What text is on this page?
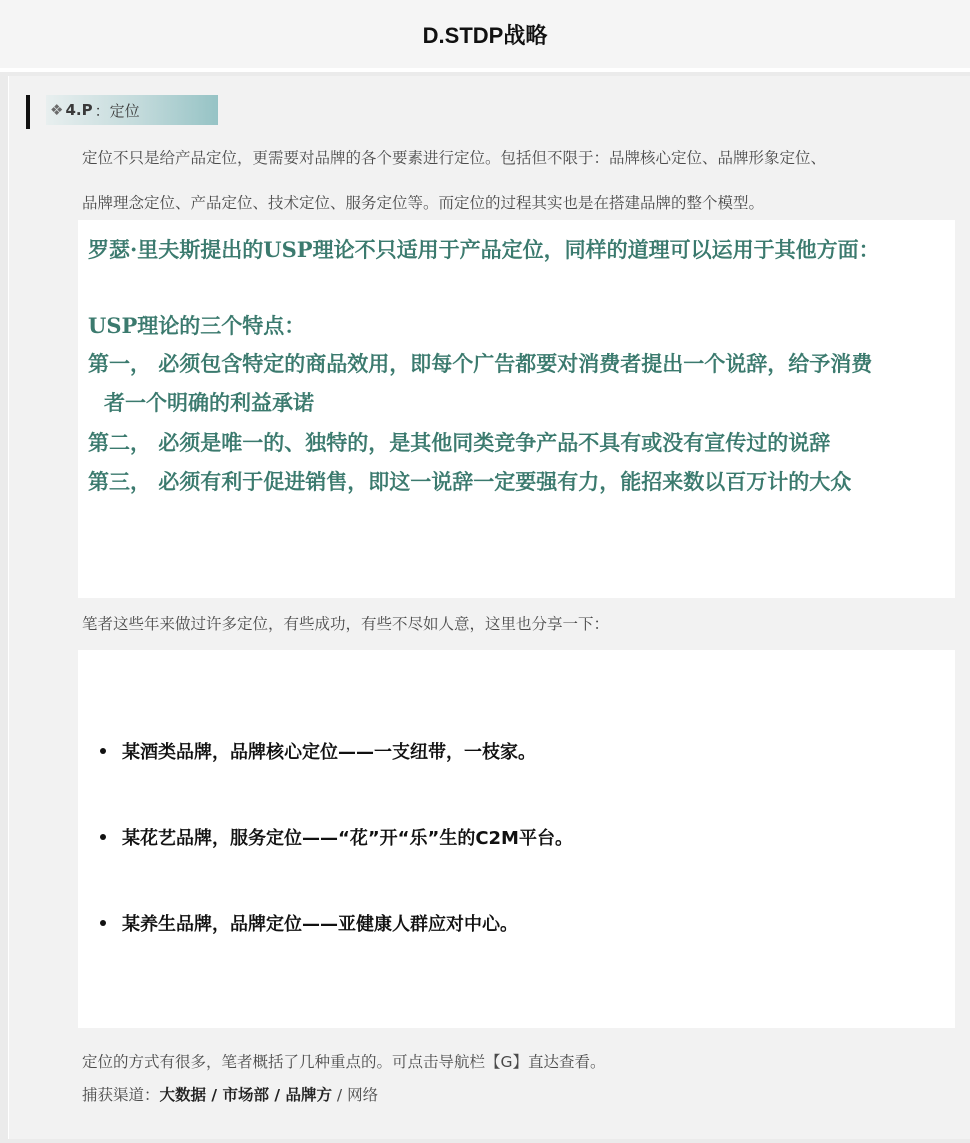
D.STDP战略
❖ 4.P ：定位
定位不只是给产品定位，更需要对品牌的各个要素进行定位。包括但不限于：品牌核心定位、品牌形象定位、
品牌理念定位、产品定位、技术定位、服务定位等。而定位的过程其实也是在搭建品牌的整个模型。
罗瑟·里夫斯提出的USP理论不只适用于产品定位，同样的道理可以运用于其他方面：
USP理论的三个特点：
第一， 必须包含特定的商品效用，即每个广告都要对消费者提出一个说辞，给予消费
者一个明确的利益承诺
第二， 必须是唯一的、独特的，是其他同类竞争产品不具有或没有宣传过的说辞
第三， 必须有利于促进销售，即这一说辞一定要强有力，能招来数以百万计的大众
笔者这些年来做过许多定位，有些成功，有些不尽如人意，这里也分享一下：
某酒类品牌，品牌核心定位——一支纽带，一枝家。
某花艺品牌，服务定位——“花”开“乐”生的C2M平台。
某养生品牌，品牌定位——亚健康人群应对中心。
定位的方式有很多，笔者概括了几种重点的。可点击导航栏【G】直达查看。
捕获渠道：大数据 / 市场部 / 品牌方 / 网络
